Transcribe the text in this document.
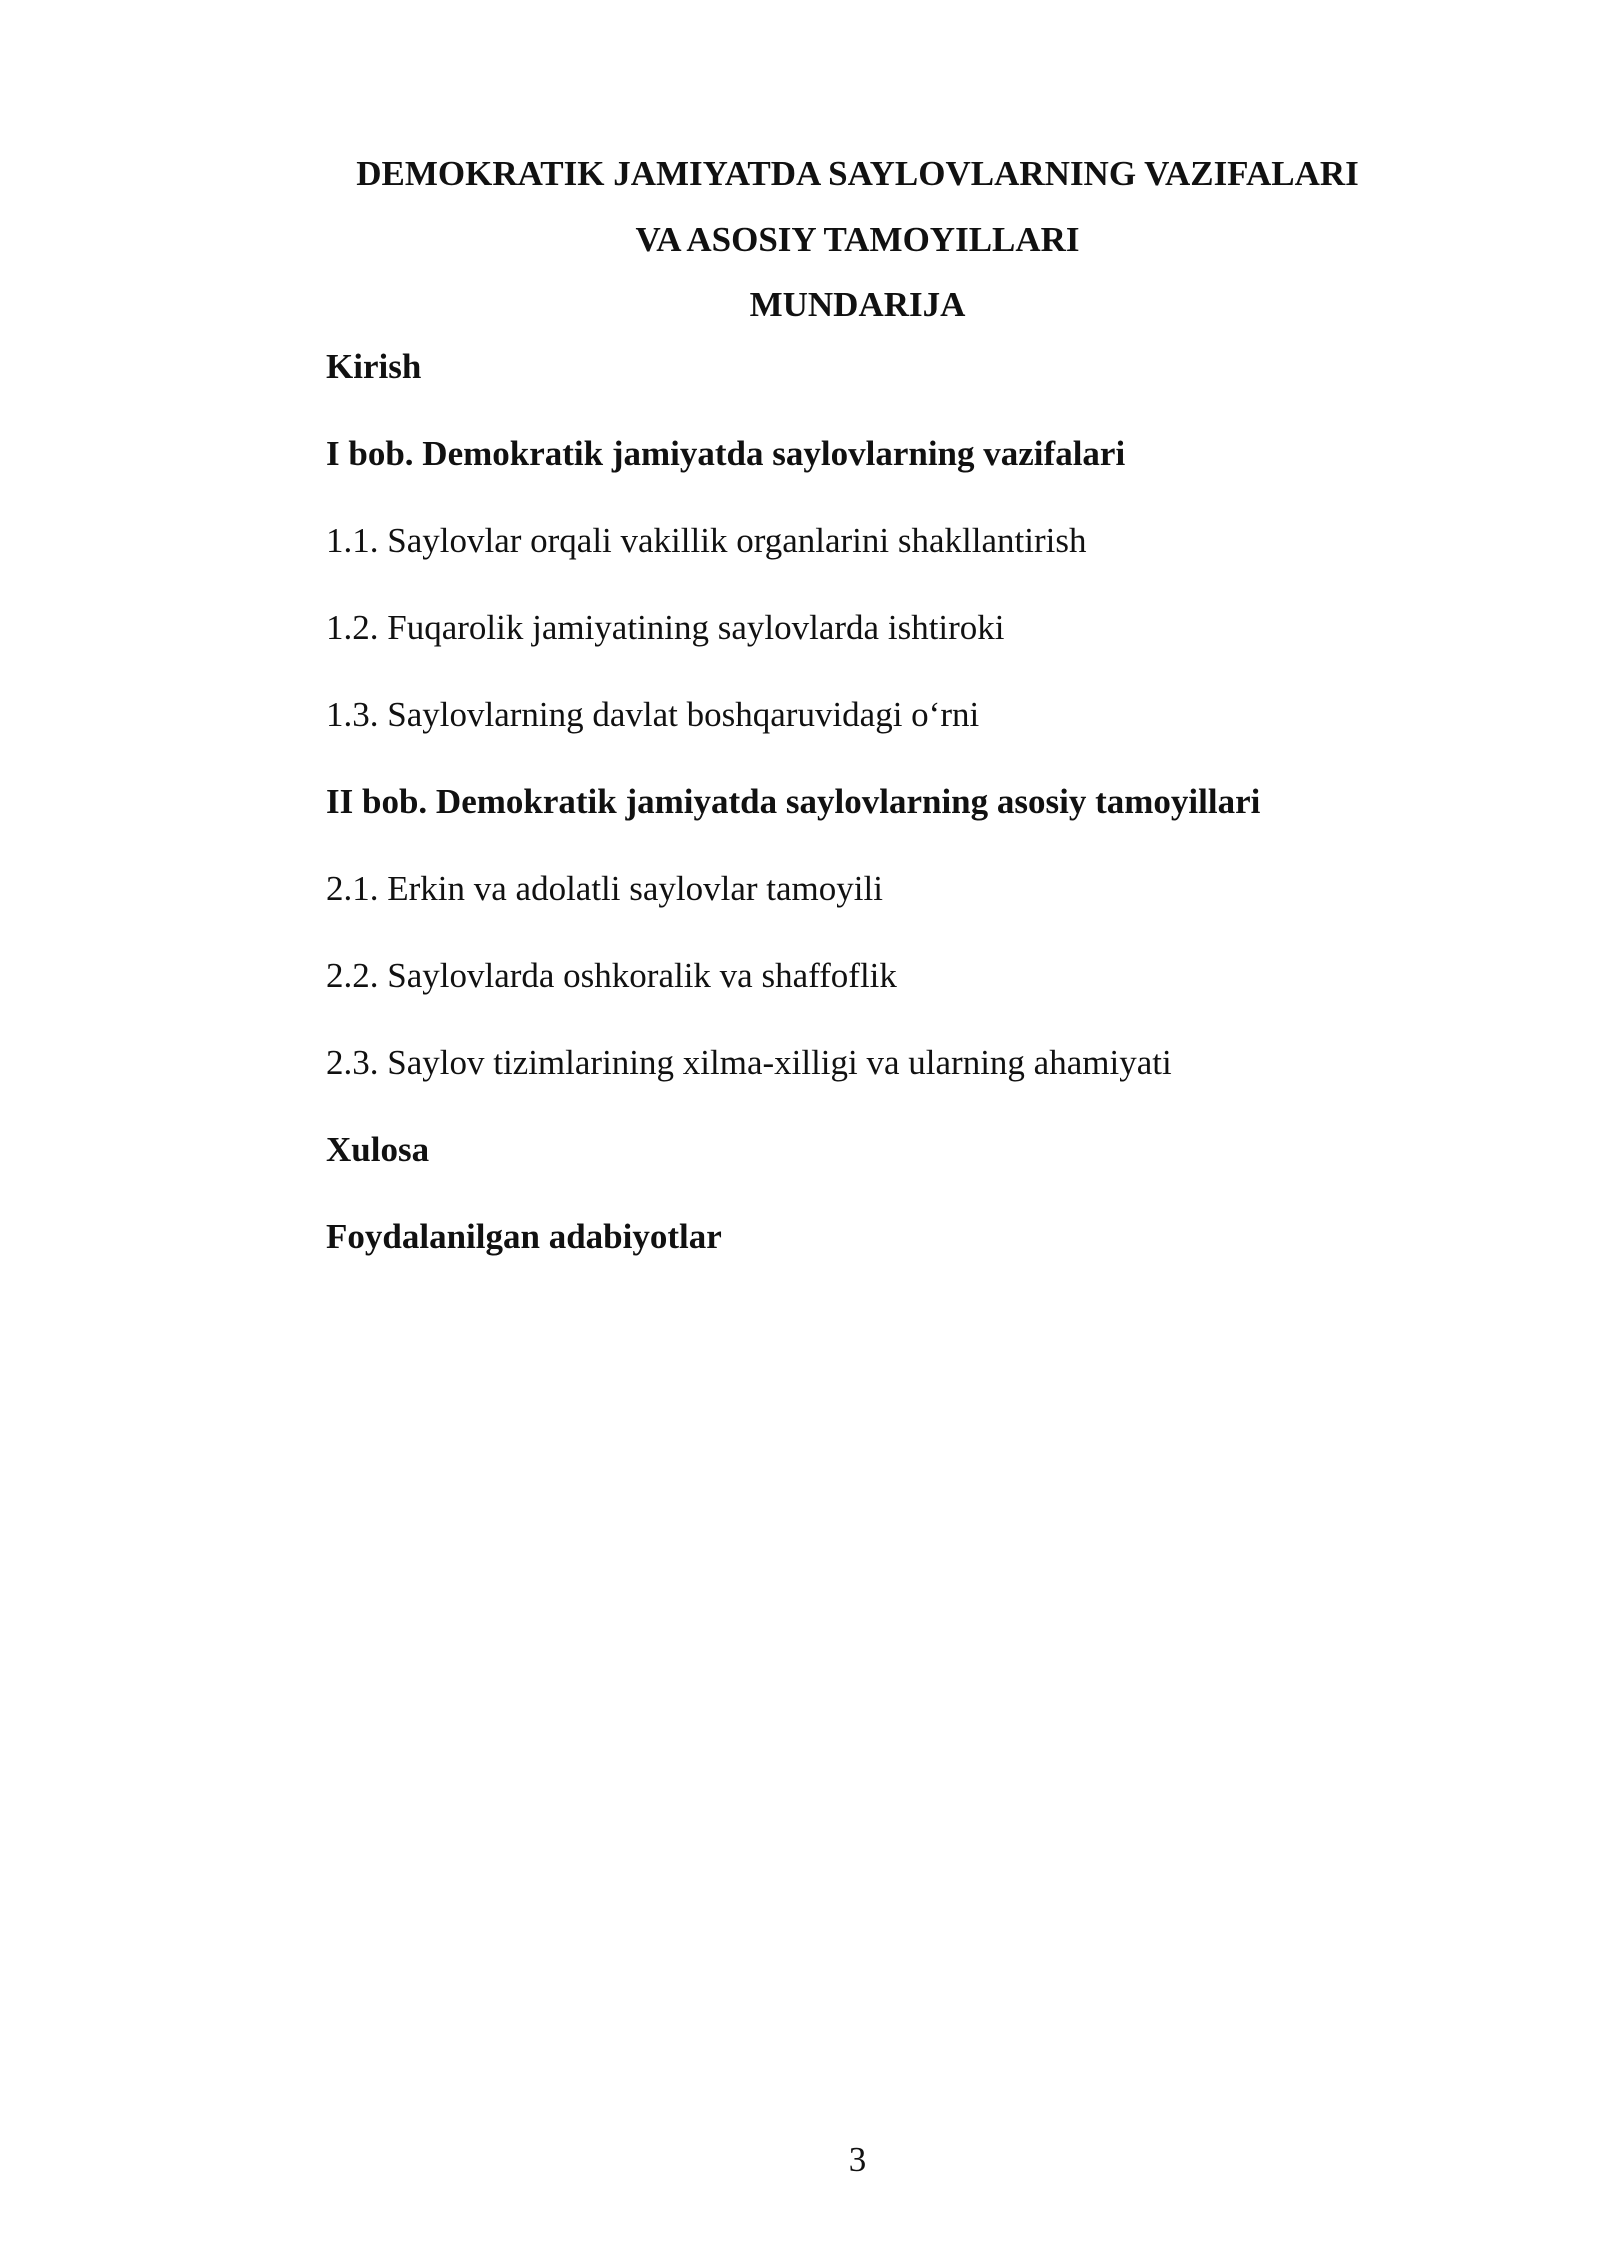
DEMOKRATIK JAMIYATDA SAYLOVLARNING VAZIFALARI
VA ASOSIY TAMOYILLARI
MUNDARIJA
Kirish
I bob. Demokratik jamiyatda saylovlarning vazifalari
1.1. Saylovlar orqali vakillik organlarini shakllantirish
1.2. Fuqarolik jamiyatining saylovlarda ishtiroki
1.3. Saylovlarning davlat boshqaruvidagi o‘rni
II bob. Demokratik jamiyatda saylovlarning asosiy tamoyillari
2.1. Erkin va adolatli saylovlar tamoyili
2.2. Saylovlarda oshkoralik va shaffoflik
2.3. Saylov tizimlarining xilma-xilligi va ularning ahamiyati
Xulosa
Foydalanilgan adabiyotlar
3
